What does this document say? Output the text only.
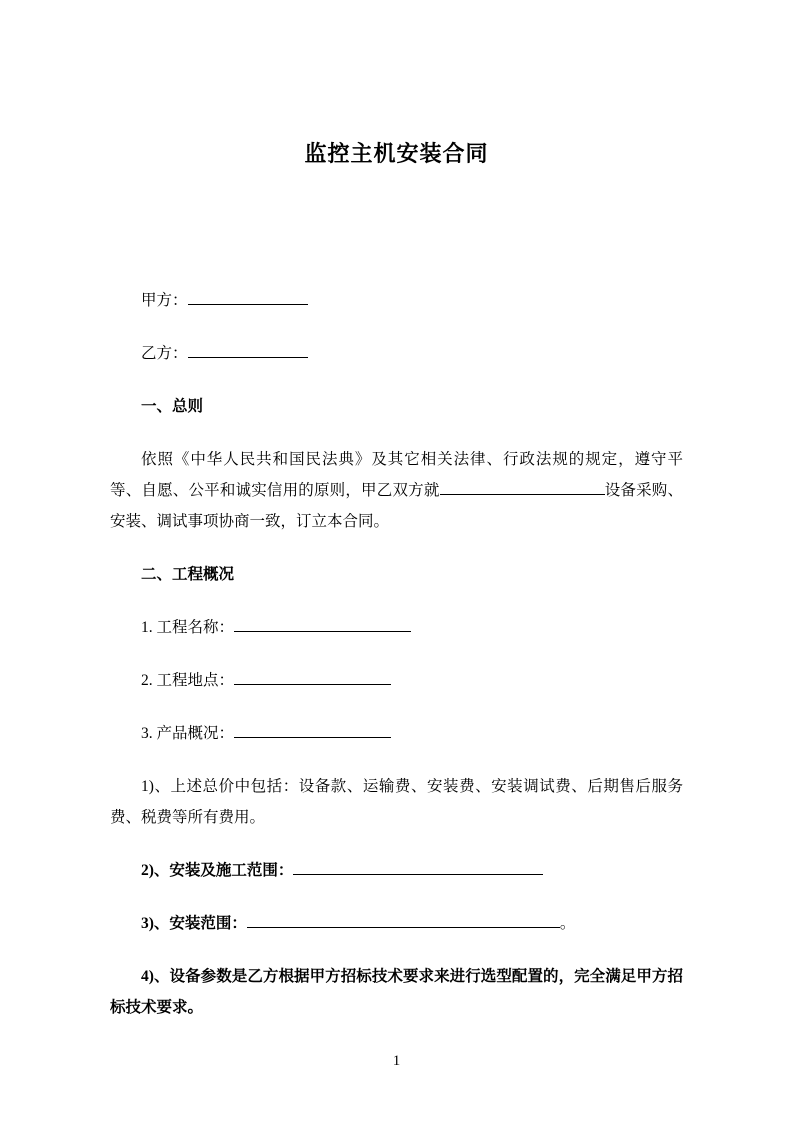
监控主机安装合同

甲方：

乙方：

一、总则

依照《中华人民共和国民法典》及其它相关法律、行政法规的规定，遵守平等、自愿、公平和诚实信用的原则，甲乙双方就	设备采购、安装、调试事项协商一致，订立本合同。

二、工程概况

1. 工程名称：

2. 工程地点：

3. 产品概况：

1)、上述总价中包括：设备款、运输费、安装费、安装调试费、后期售后服务费、税费等所有费用。

2)、安装及施工范围：

3)、安装范围：	。

4)、设备参数是乙方根据甲方招标技术要求来进行选型配置的，完全满足甲方招标技术要求。

1
